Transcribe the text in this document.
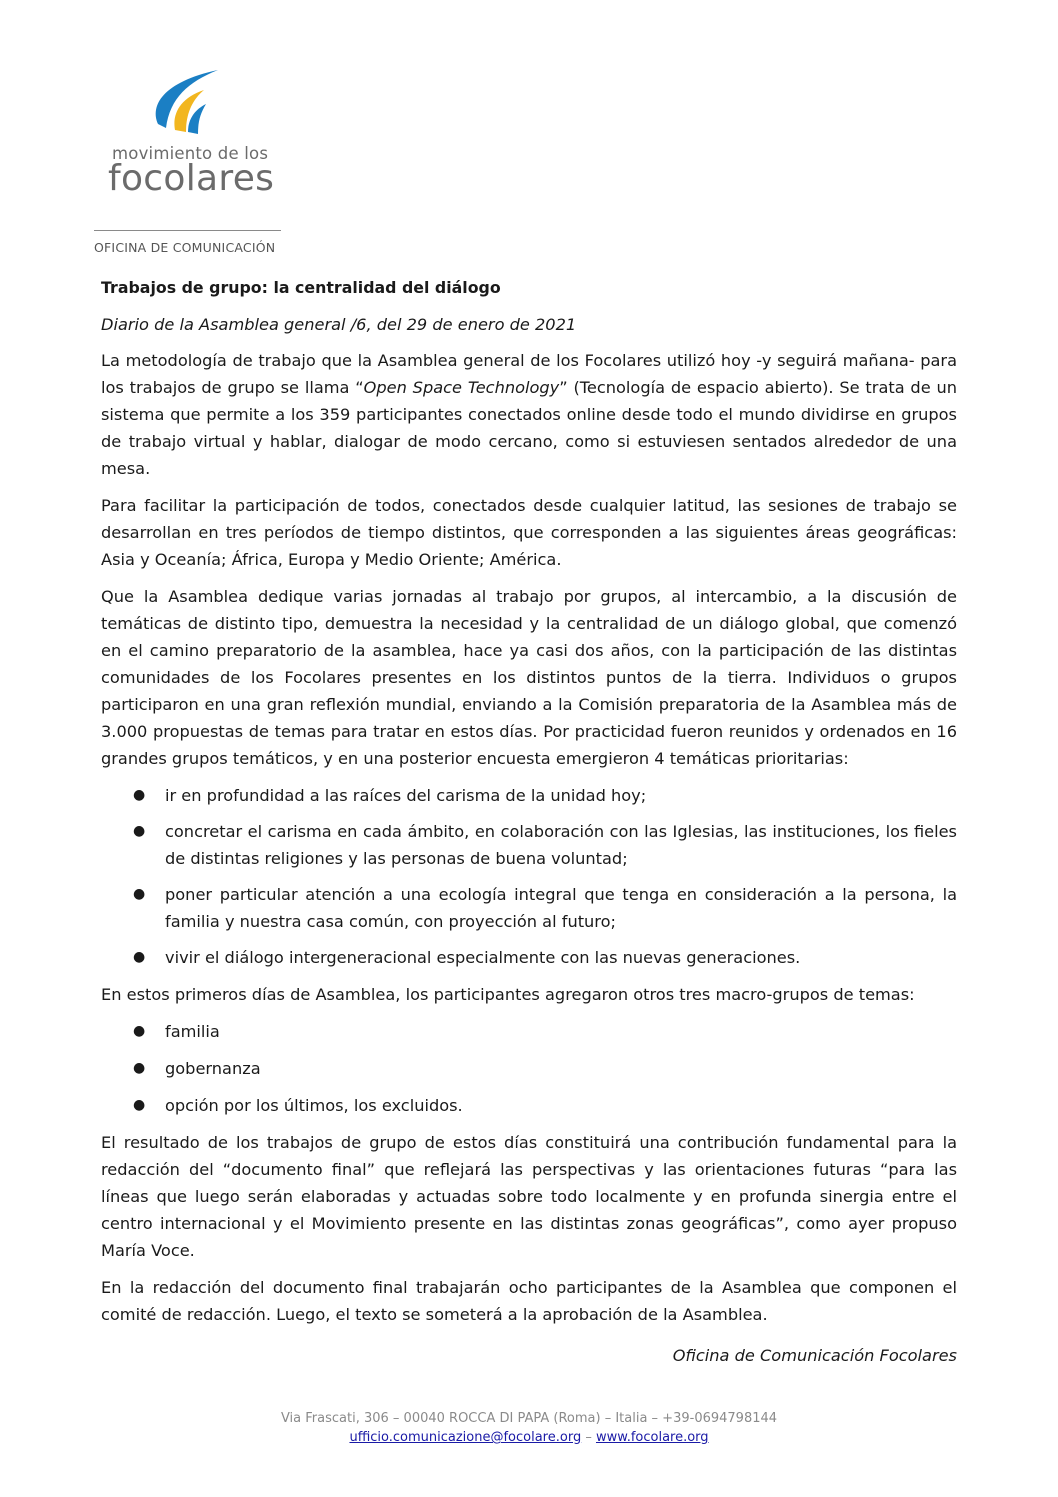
movimiento de los
focolares
OFICINA DE COMUNICACIÓN

Trabajos de grupo: la centralidad del diálogo

Diario de la Asamblea general /6, del 29 de enero de 2021

La metodología de trabajo que la Asamblea general de los Focolares utilizó hoy -y seguirá mañana- para los trabajos de grupo se llama “Open Space Technology” (Tecnología de espacio abierto). Se trata de un sistema que permite a los 359 participantes conectados online desde todo el mundo dividirse en grupos de trabajo virtual y hablar, dialogar de modo cercano, como si estuviesen sentados alrededor de una mesa.

Para facilitar la participación de todos, conectados desde cualquier latitud, las sesiones de trabajo se desarrollan en tres períodos de tiempo distintos, que corresponden a las siguientes áreas geográficas: Asia y Oceanía; África, Europa y Medio Oriente; América.

Que la Asamblea dedique varias jornadas al trabajo por grupos, al intercambio, a la discusión de temáticas de distinto tipo, demuestra la necesidad y la centralidad de un diálogo global, que comenzó en el camino preparatorio de la asamblea, hace ya casi dos años, con la participación de las distintas comunidades de los Focolares presentes en los distintos puntos de la tierra. Individuos o grupos participaron en una gran reflexión mundial, enviando a la Comisión preparatoria de la Asamblea más de 3.000 propuestas de temas para tratar en estos días. Por practicidad fueron reunidos y ordenados en 16 grandes grupos temáticos, y en una posterior encuesta emergieron 4 temáticas prioritarias:

● ir en profundidad a las raíces del carisma de la unidad hoy;
● concretar el carisma en cada ámbito, en colaboración con las Iglesias, las instituciones, los fieles de distintas religiones y las personas de buena voluntad;
● poner particular atención a una ecología integral que tenga en consideración a la persona, la familia y nuestra casa común, con proyección al futuro;
● vivir el diálogo intergeneracional especialmente con las nuevas generaciones.

En estos primeros días de Asamblea, los participantes agregaron otros tres macro-grupos de temas:

● familia
● gobernanza
● opción por los últimos, los excluidos.

El resultado de los trabajos de grupo de estos días constituirá una contribución fundamental para la redacción del “documento final” que reflejará las perspectivas y las orientaciones futuras “para las líneas que luego serán elaboradas y actuadas sobre todo localmente y en profunda sinergia entre el centro internacional y el Movimiento presente en las distintas zonas geográficas”, como ayer propuso María Voce.

En la redacción del documento final trabajarán ocho participantes de la Asamblea que componen el comité de redacción. Luego, el texto se someterá a la aprobación de la Asamblea.

Oficina de Comunicación Focolares

Via Frascati, 306 – 00040 ROCCA DI PAPA (Roma) – Italia – +39-0694798144
ufficio.comunicazione@focolare.org – www.focolare.org
